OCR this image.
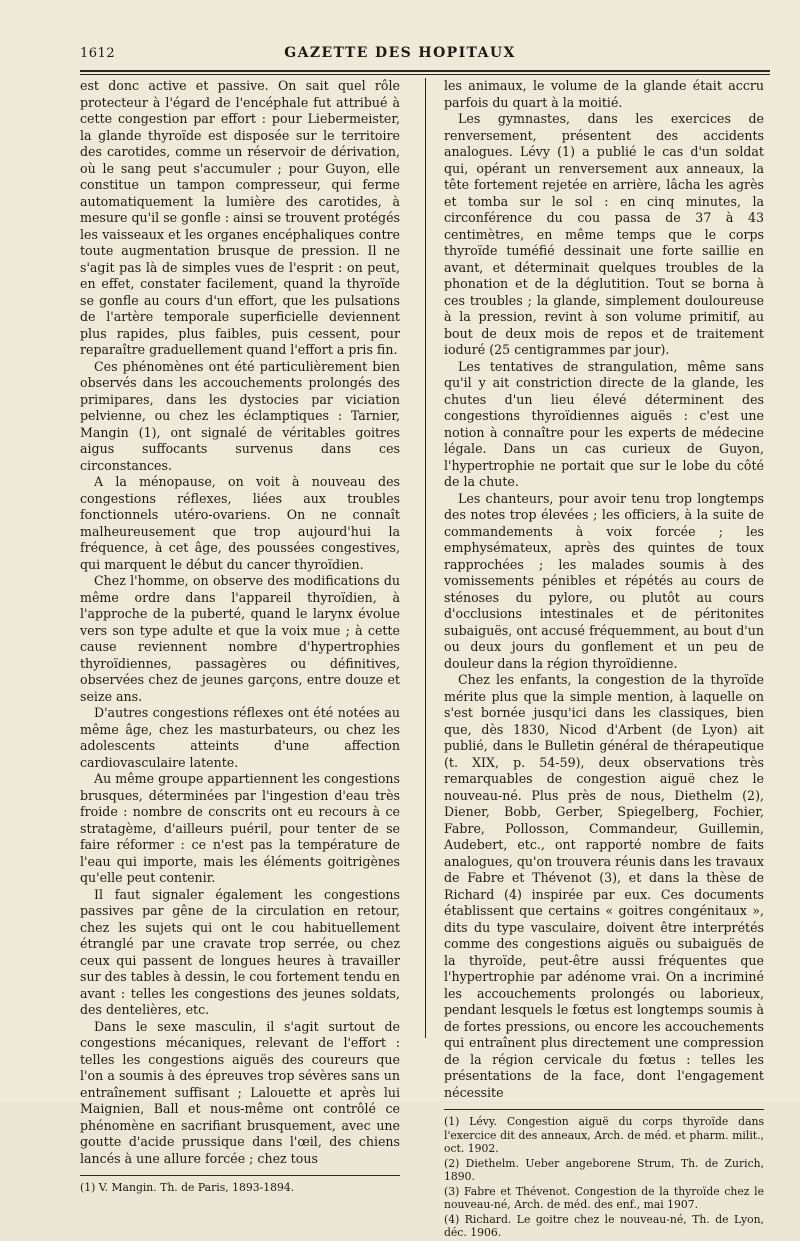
1612	GAZETTE DES HOPITAUX

est donc active et passive. On sait quel rôle protecteur à l'égard de l'encéphale fut attribué à cette congestion par effort : pour Liebermeister, la glande thyroïde est disposée sur le territoire des carotides, comme un réservoir de dérivation, où le sang peut s'accumuler ; pour Guyon, elle constitue un tampon compresseur, qui ferme automatiquement la lumière des carotides, à mesure qu'il se gonfle : ainsi se trouvent protégés les vaisseaux et les organes encéphaliques contre toute augmentation brusque de pression. Il ne s'agit pas là de simples vues de l'esprit : on peut, en effet, constater facilement, quand la thyroïde se gonfle au cours d'un effort, que les pulsations de l'artère temporale superficielle deviennent plus rapides, plus faibles, puis cessent, pour reparaître graduellement quand l'effort a pris fin.

Ces phénomènes ont été particulièrement bien observés dans les accouchements prolongés des primipares, dans les dystocies par viciation pelvienne, ou chez les éclamptiques : Tarnier, Mangin (1), ont signalé de véritables goitres aigus suffocants survenus dans ces circonstances.

A la ménopause, on voit à nouveau des congestions réflexes, liées aux troubles fonctionnels utéro-ovariens. On ne connaît malheureusement que trop aujourd'hui la fréquence, à cet âge, des poussées congestives, qui marquent le début du cancer thyroïdien.

Chez l'homme, on observe des modifications du même ordre dans l'appareil thyroïdien, à l'approche de la puberté, quand le larynx évolue vers son type adulte et que la voix mue ; à cette cause reviennent nombre d'hypertrophies thyroïdiennes, passagères ou définitives, observées chez de jeunes garçons, entre douze et seize ans.

D'autres congestions réflexes ont été notées au même âge, chez les masturbateurs, ou chez les adolescents atteints d'une affection cardiovasculaire latente.

Au même groupe appartiennent les congestions brusques, déterminées par l'ingestion d'eau très froide : nombre de conscrits ont eu recours à ce stratagème, d'ailleurs puéril, pour tenter de se faire réformer : ce n'est pas la température de l'eau qui importe, mais les éléments goitrigènes qu'elle peut contenir.

Il faut signaler également les congestions passives par gêne de la circulation en retour, chez les sujets qui ont le cou habituellement étranglé par une cravate trop serrée, ou chez ceux qui passent de longues heures à travailler sur des tables à dessin, le cou fortement tendu en avant : telles les congestions des jeunes soldats, des dentelières, etc.

Dans le sexe masculin, il s'agit surtout de congestions mécaniques, relevant de l'effort : telles les congestions aiguës des coureurs que l'on a soumis à des épreuves trop sévères sans un entraînement suffisant ; Lalouette et après lui Maignien, Ball et nous-même ont contrôlé ce phénomène en sacrifiant brusquement, avec une goutte d'acide prussique dans l'œil, des chiens lancés à une allure forcée ; chez tous

(1) V. Mangin. Th. de Paris, 1893-1894.

les animaux, le volume de la glande était accru parfois du quart à la moitié.

Les gymnastes, dans les exercices de renversement, présentent des accidents analogues. Lévy (1) a publié le cas d'un soldat qui, opérant un renversement aux anneaux, la tête fortement rejetée en arrière, lâcha les agrès et tomba sur le sol : en cinq minutes, la circonférence du cou passa de 37 à 43 centimètres, en même temps que le corps thyroïde tuméfié dessinait une forte saillie en avant, et déterminait quelques troubles de la phonation et de la déglutition. Tout se borna à ces troubles ; la glande, simplement douloureuse à la pression, revint à son volume primitif, au bout de deux mois de repos et de traitement ioduré (25 centigrammes par jour).

Les tentatives de strangulation, même sans qu'il y ait constriction directe de la glande, les chutes d'un lieu élevé déterminent des congestions thyroïdiennes aiguës : c'est une notion à connaître pour les experts de médecine légale. Dans un cas curieux de Guyon, l'hypertrophie ne portait que sur le lobe du côté de la chute.

Les chanteurs, pour avoir tenu trop longtemps des notes trop élevées ; les officiers, à la suite de commandements à voix forcée ; les emphysémateux, après des quintes de toux rapprochées ; les malades soumis à des vomissements pénibles et répétés au cours de sténoses du pylore, ou plutôt au cours d'occlusions intestinales et de péritonites subaiguës, ont accusé fréquemment, au bout d'un ou deux jours du gonflement et un peu de douleur dans la région thyroïdienne.

Chez les enfants, la congestion de la thyroïde mérite plus que la simple mention, à laquelle on s'est bornée jusqu'ici dans les classiques, bien que, dès 1830, Nicod d'Arbent (de Lyon) ait publié, dans le Bulletin général de thérapeutique (t. XIX, p. 54-59), deux observations très remarquables de congestion aiguë chez le nouveau-né. Plus près de nous, Diethelm (2), Diener, Bobb, Gerber, Spiegelberg, Fochier, Fabre, Pollosson, Commandeur, Guillemin, Audebert, etc., ont rapporté nombre de faits analogues, qu'on trouvera réunis dans les travaux de Fabre et Thévenot (3), et dans la thèse de Richard (4) inspirée par eux. Ces documents établissent que certains « goitres congénitaux », dits du type vasculaire, doivent être interprétés comme des congestions aiguës ou subaiguës de la thyroïde, peut-être aussi fréquentes que l'hypertrophie par adénome vrai. On a incriminé les accouchements prolongés ou laborieux, pendant lesquels le fœtus est longtemps soumis à de fortes pressions, ou encore les accouchements qui entraînent plus directement une compression de la région cervicale du fœtus : telles les présentations de la face, dont l'engagement nécessite

(1) Lévy. Congestion aiguë du corps thyroïde dans l'exercice dit des anneaux, Arch. de méd. et pharm. milit., oct. 1902.
(2) Diethelm. Ueber angeborene Strum, Th. de Zurich, 1890.
(3) Fabre et Thévenot. Congestion de la thyroïde chez le nouveau-né, Arch. de méd. des enf., mai 1907.
(4) Richard. Le goitre chez le nouveau-né, Th. de Lyon, déc. 1906.
